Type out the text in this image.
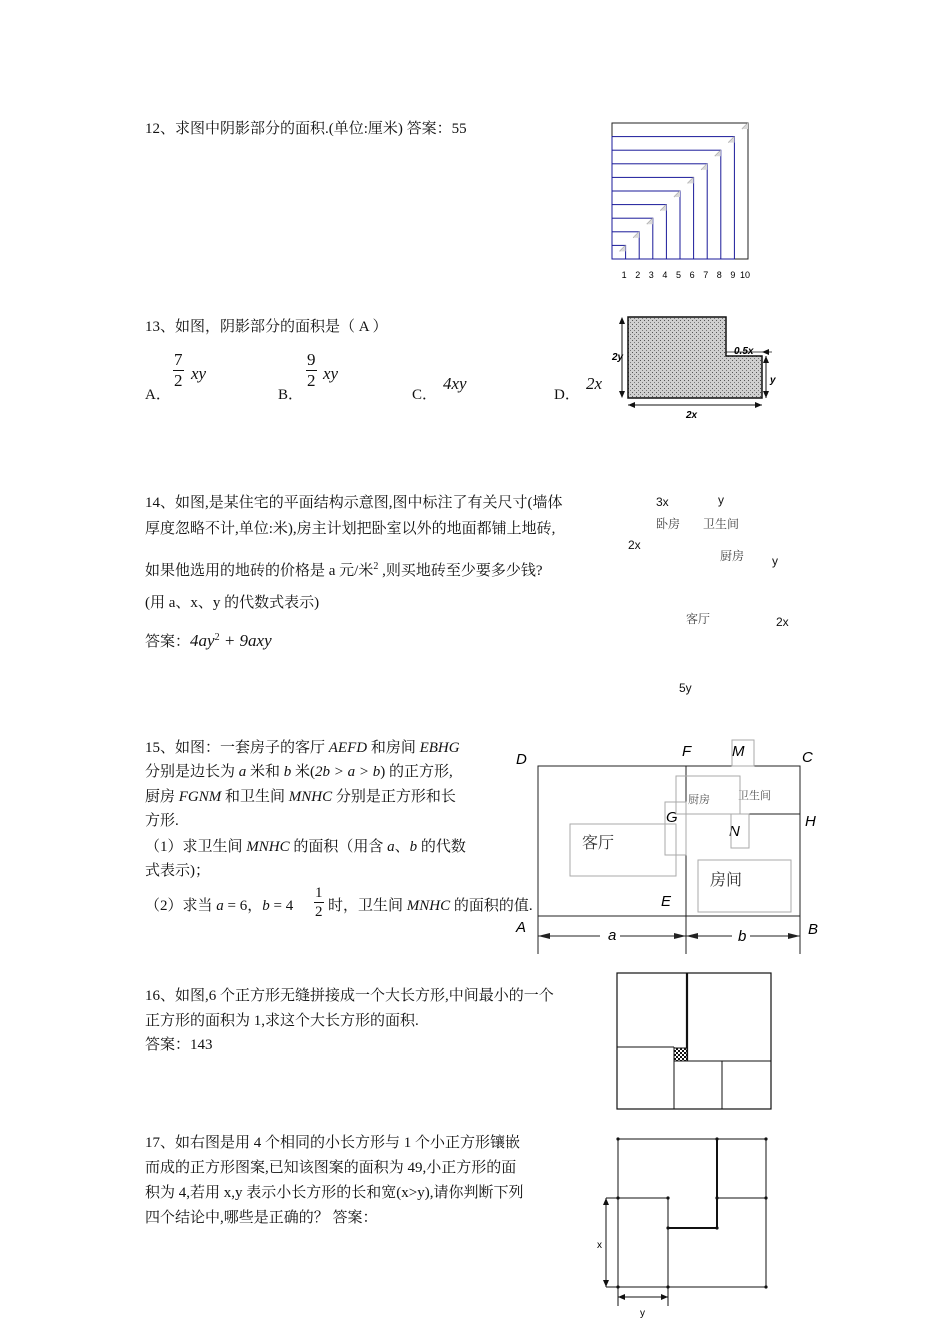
12、求图中阴影部分的面积.(单位:厘米) 答案：55
1 2 3 4 5 6 7 8 9 10
13、如图，阴影部分的面积是（ A ）
A．
$\frac{7}{2}$ xy
B．
$\frac{9}{2}$ xy
C．
4xy
D．
2x
2y
0.5x
y
2x
14、如图,是某住宅的平面结构示意图,图中标注了有关尺寸(墙体
厚度忽略不计,单位:米),房主计划把卧室以外的地面都铺上地砖,
如果他选用的地砖的价格是 a 元/米$^2$ ,则买地砖至少要多少钱?
(用 a、x、y 的代数式表示)
答案：$4ay^2 + 9axy$
3x	y
卧房 卫生间
2x
厨房 y
客厅	2x
5y
15、如图：一套房子的客厅 AEFD 和房间 EBHG
分别是边长为 a 米和 b 米(2b > a > b) 的正方形,
厨房 FGNM 和卫生间 MNHC 分别是正方形和长
方形.
（1）求卫生间 MNHC 的面积（用含 a、b 的代数
式表示)；
（2）求当 a = 6，$b = 4 \frac{1}{2}$ 时，卫生间 MNHC 的面积的值.
D	F	M	C
G	H
N
E
A	B
a	b
厨房	卫生间
客厅
房间
16、如图,6 个正方形无缝拼接成一个大长方形,中间最小的一个
正方形的面积为 1,求这个大长方形的面积.
答案：143
17、如右图是用 4 个相同的小长方形与 1 个小正方形镶嵌
而成的正方形图案,已知该图案的面积为 49,小正方形的面
积为 4,若用 x,y 表示小长方形的长和宽(x>y),请你判断下列
四个结论中,哪些是正确的？ 答案：
x
y
